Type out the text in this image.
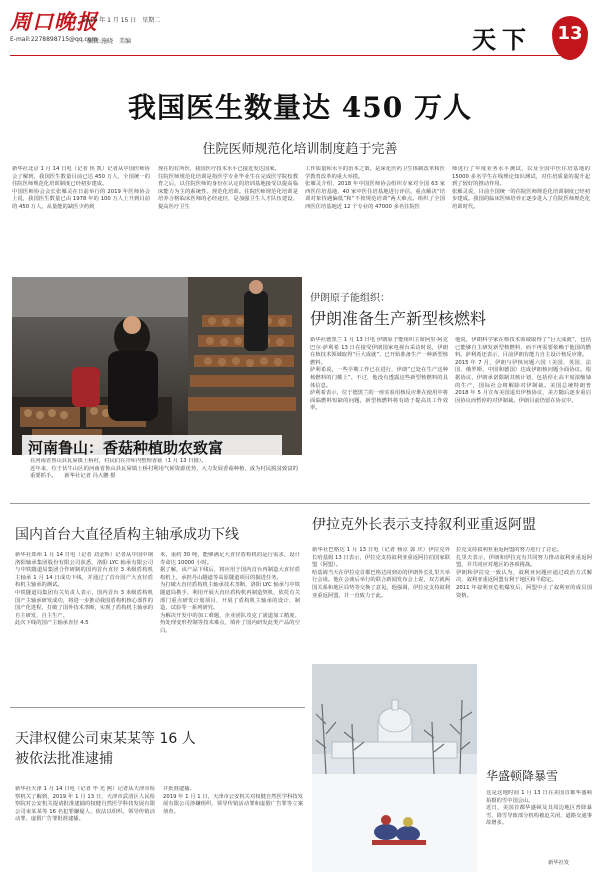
周口晚报
2019 年 1 月 15 日　星期二
E-mail:2278898715@qq.com
编辑:施晓　美编	天下	13
我国医生数量达 450 万人
住院医师规范化培训制度趋于完善
新华社北京 1 月 14 日电（记者 侠 凯）记者从中国医师协会了解到，我国医生数量目前已达 450 万人，全国统一的住院医师规范化培训制度已经初步建成。
中国医师协会会长张雁灵在日前举行的 2019 年医师协会上说，我国医生数量已由 1978 年的 100 万人上升到目前的 450 万人，从量能的缺医少药到
现在的有所医，我国医疗技术水平已接近发达国家。
住院医师规范化培训是指医学专业毕业生在完成医学院校教育之后，以住院医师的身份在认定的培训基地接受以提高临床能力为主的系统性、规范化培训。住院医师规范化培训是培养合格临床医师的必经途径，是加强卫生人才队伍建设、提高医疗卫生
工作质量和水平的治本之策。是深化医药卫生体制改革和医学教育改革的重大举措。
张雁灵介绍，2018 年中国医师协会组织专家对全国 63 家西医住培基地、40 家中医住培基地进行评估，重点解决“培训对象待遇偏低”和“不按规范培训”两大难点。组织了全国西医住培基地近 12 个专业的 47000 多名住院医
师进行了年度业务水平测试，以及全国中医住培基地的 15000 多名学生在线理论知识测试，对住培质量的提升起到了较好的推动作用。
张雁灵说，目前全国统一的住院医师规范化培训制度已经初步建成。我国的临床医师培养正逐步进入了住院医师规范化培训时代。
河南鲁山：香菇种植助农致富
在河南省鲁山县瓦屋镇土桥村，村民们在冷库内整理香菇（1 月 13 日摄）。
近年来，位于伏牛山区的河南省鲁山县瓦屋镇土桥村利用气候资源优势，大力发展香菇种植，成为村民脱贫致富的重要抓手。　　新华社记者 冯大鹏 摄
伊朗原子能组织：
伊朗准备生产新型核燃料
新华社德黑兰 1 月 13 日电 伊朗原子能组织主席阿里·阿克巴尔·萨利希 13 日在接受伊朗国家电视台采访时说，伊朗在核技术领域取得“巨大成就”，已开始准备生产一种新型核燃料。
萨利希说，一些早期工作已在进行，伊朗“已处在生产这种核燃料的门槛上”。不过，他没有透露这些新型核燃料的具体信息。
萨利希表示，位于德黑兰的一座实验用核反应堆在使用中将面临燃料短缺的问题，新型核燃料将有助于提高其工作效率。
他说，伊朗科学家在核技术领域取得了“巨大成就”，包括已能够自主研发新型核燃料，而不再需要依赖于他国的燃料。萨利希还表示，目前伊朗有能力自主设计核反应堆。
2015 年 7 月，伊朗与伊核问题六国（美国、英国、法国、俄罗斯、中国和德国）达成伊朗核问题全面协议。根据协议，伊朗承诺限制其核计划，包括停止高丰度浓缩铀的生产，国际社会将解除对伊制裁。美国总统特朗普 2018 年 5 月宣布美国退出伊核协议，美方随后逐步重启因协议而暂停的对伊制裁。伊朗目前仍留在协议中。
国内首台大直径盾构主轴承成功下线
新华社郑州 1 月 14 日电（记者 刘金辉）记者从中国中钢洛阳轴承集团股份有限公司获悉，洛阳 LYC 轴承有限公司与中铁隧道局集团合作研制的国内首台直径 3 米级盾构机主轴承 1 月 14 日成功下线，并通过了首台国产大直径盾构机主轴承的测试。
中铁隧道局集团有关负责人表示，国内首台 3 米级盾构机国产主轴承研发成功，将进一步推动我国盾构机核心部件的国产化进程，打破了国外技术垄断，实现了盾构机主轴承的自主研发、自主生产。
此次下线的国产主轴承直径 4.5
米，重约 30 吨，能够满足大直径盾构机的运行需求，设计寿命达 10000 小时。
据了解，该产品下线后，将应用于国内首台再制造大直径盾构机上，承担丹山隧道等高原隧道项目的掘进任务。
为打破大直径盾构机主轴承技术垄断，洛阳 LYC 轴承与中铁隧道局携手，利用开展大直径盾构机再制造契机，依托有关部门重点研发计划项目，开展了盾构机主轴承的设计、制造、试验等一系列研究。
为解决开发中的加工难题，企业团队攻克了滚道加工精度、热处理变形控制等技术难点，填补了国内研发此类产品的空白。
伊拉克外长表示支持叙利亚重返阿盟
新华社巴格达 1 月 13 日电（记者 杨京 郭 庆）伊拉克外长哈基姆 13 日表示，伊拉克支持叙利亚重返阿拉伯国家联盟（阿盟）。
哈基姆当天在伊拉克首都巴格达同到访的伊朗外长扎里夫举行会谈。他在会谈后举行的联合新闻发布会上说，双方就两国关系和地区局势等交换了意见。他强调，伊拉克支持叙利亚重返阿盟，并一直致力于此。
拉克支持叙利亚重返阿盟的努力进行了讨论。
扎里夫表示，伊朗和伊拉克有共同努力推动叙利亚重返阿盟，并共同应对地区的各项挑战。
伊朗和伊拉克一致认为，叙利亚问题应通过政治方式解决，叙利亚重返阿盟有利于地区和平稳定。
2011 年叙利亚危机爆发后，阿盟中止了叙利亚的成员国资格。
华盛顿降暴雪
这是这地时间 1 月 13 日在美国首都华盛顿拍摄的雪中国会山。
近日，美国首都华盛顿及其周边地区普降暴雪，降雪导致部分机构被迫关闭，道路交通事故增多。
新华社发
天津权健公司束某某等 16 人
被依法批准逮捕
新华社天津 1 月 14 日电（记者 毕 光 熙）记者从天津市检察机关了解到，2019 年 1 月 13 日，天津市武清区人民检察院对公安机关提请批准逮捕的权健自然医学科技发展有限公司束某某等 16 名犯罪嫌疑人，依法以组织、领导传销活动罪、虚假广告罪批准逮捕。
并批准逮捕。
2019 年 1 月 1 日，天津市公安机关对权健自然医学科技发展有限公司涉嫌组织、领导传销活动罪和虚假广告罪等立案侦查。
